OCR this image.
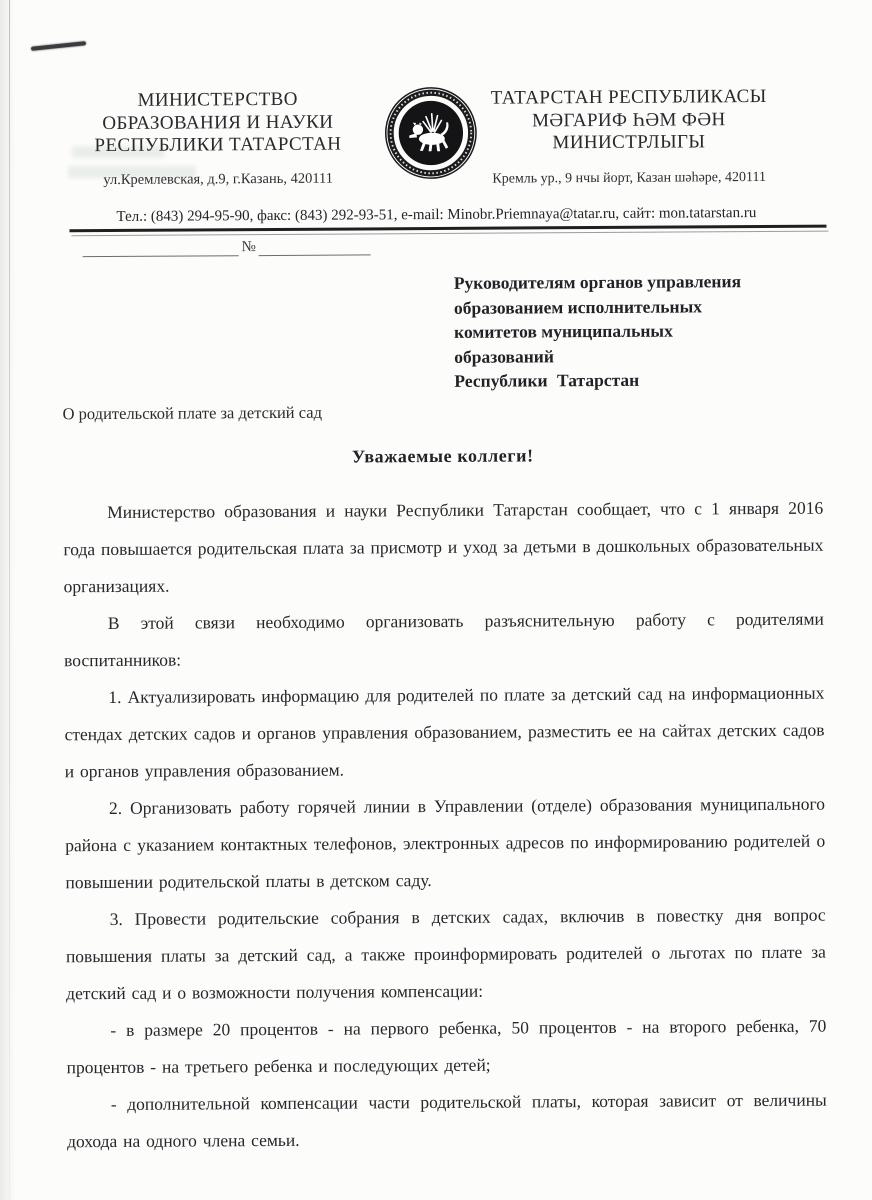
МИНИСТЕРСТВО
ОБРАЗОВАНИЯ И НАУКИ
РЕСПУБЛИКИ ТАТАРСТАН
ул.Кремлевская, д.9, г.Казань, 420111
ТАТАРСТАН
ТАТАРСТАН РЕСПУБЛИКАСЫ
МӘГАРИФ ҺӘМ ФӘН
МИНИСТРЛЫГЫ
Кремль ур., 9 нчы йорт, Казан шәһәре, 420111
Тел.: (843) 294-95-90, факс: (843) 292-93-51, e-mail: Minobr.Priemnaya@tatar.ru, сайт: mon.tatarstan.ru
№
Руководителям органов управления
образованием исполнительных
комитетов муниципальных
образований
Республики Татарстан
О родительской плате за детский сад
Уважаемые коллеги!

Министерство образования и науки Республики Татарстан сообщает, что с 1 января 2016 года повышается родительская плата за присмотр и уход за детьми в дошкольных образовательных организациях.

В этой связи необходимо организовать разъяснительную работу с родителями воспитанников:

1. Актуализировать информацию для родителей по плате за детский сад на информационных стендах детских садов и органов управления образованием, разместить ее на сайтах детских садов и органов управления образованием.

2. Организовать работу горячей линии в Управлении (отделе) образования муниципального района с указанием контактных телефонов, электронных адресов по информированию родителей о повышении родительской платы в детском саду.

3. Провести родительские собрания в детских садах, включив в повестку дня вопрос повышения платы за детский сад, а также проинформировать родителей о льготах по плате за детский сад и о возможности получения компенсации:

- в размере 20 процентов - на первого ребенка, 50 процентов - на второго ребенка, 70 процентов - на третьего ребенка и последующих детей;

- дополнительной компенсации части родительской платы, которая зависит от величины дохода на одного члена семьи.
